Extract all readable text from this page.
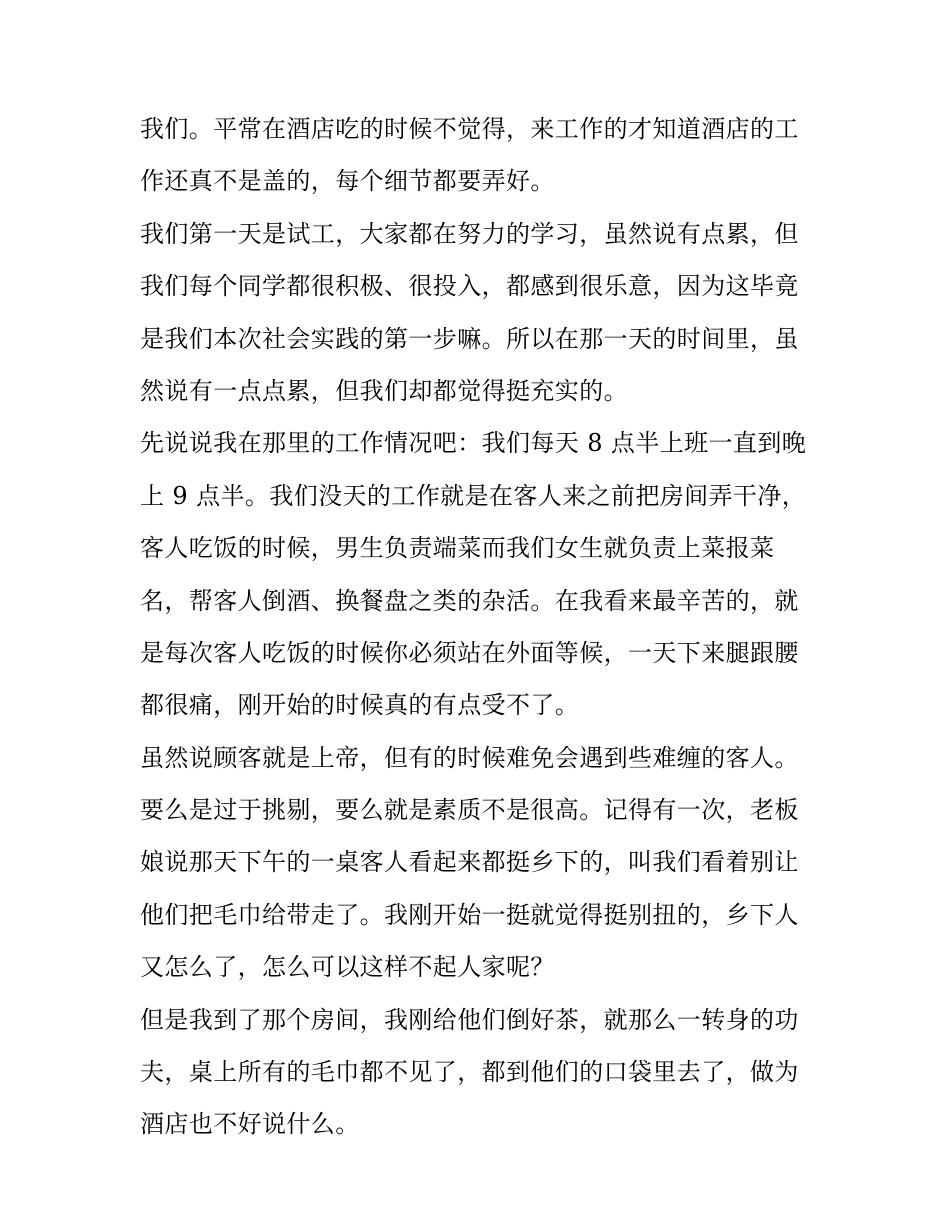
我们。平常在酒店吃的时候不觉得，来工作的才知道酒店的工
作还真不是盖的，每个细节都要弄好。
我们第一天是试工，大家都在努力的学习，虽然说有点累，但
我们每个同学都很积极、很投入，都感到很乐意，因为这毕竟
是我们本次社会实践的第一步嘛。所以在那一天的时间里，虽
然说有一点点累，但我们却都觉得挺充实的。
先说说我在那里的工作情况吧：我们每天 8 点半上班一直到晚
上 9 点半。我们没天的工作就是在客人来之前把房间弄干净，
客人吃饭的时候，男生负责端菜而我们女生就负责上菜报菜
名，帮客人倒酒、换餐盘之类的杂活。在我看来最辛苦的，就
是每次客人吃饭的时候你必须站在外面等候，一天下来腿跟腰
都很痛，刚开始的时候真的有点受不了。
虽然说顾客就是上帝，但有的时候难免会遇到些难缠的客人。
要么是过于挑剔，要么就是素质不是很高。记得有一次，老板
娘说那天下午的一桌客人看起来都挺乡下的，叫我们看着别让
他们把毛巾给带走了。我刚开始一挺就觉得挺别扭的，乡下人
又怎么了，怎么可以这样不起人家呢？
但是我到了那个房间，我刚给他们倒好茶，就那么一转身的功
夫，桌上所有的毛巾都不见了，都到他们的口袋里去了，做为
酒店也不好说什么。
